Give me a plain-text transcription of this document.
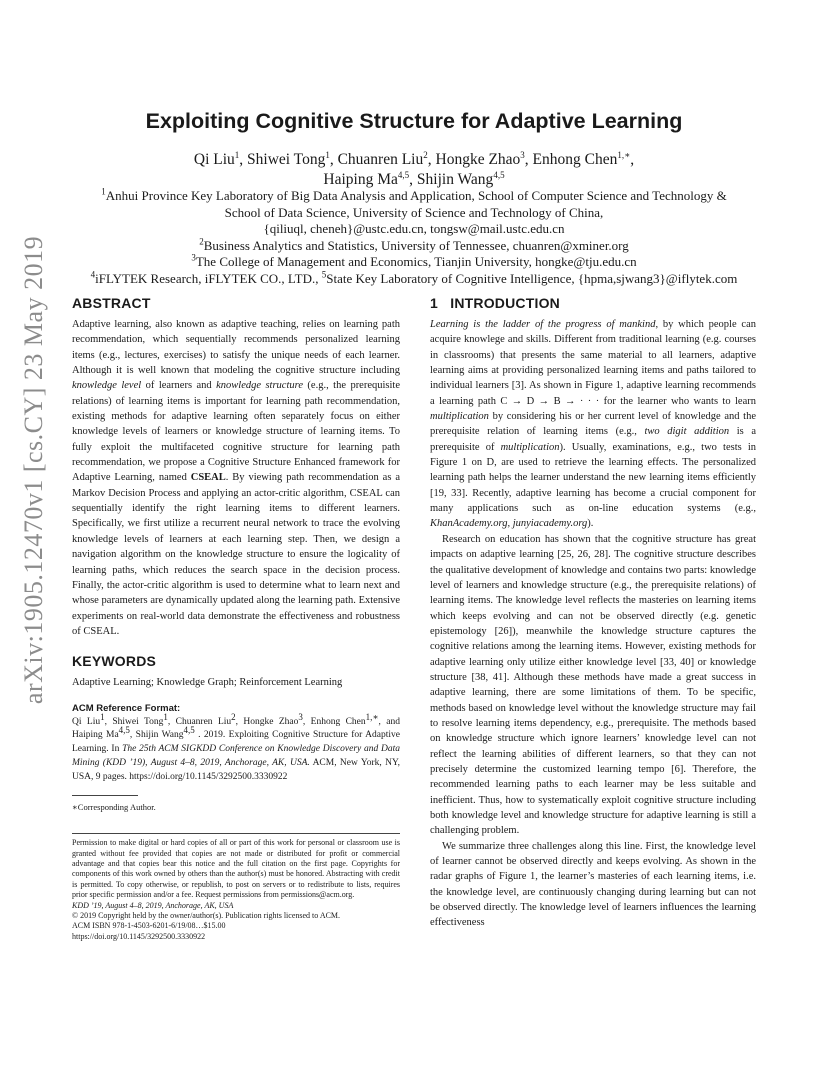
arXiv:1905.12470v1 [cs.CY] 23 May 2019
Exploiting Cognitive Structure for Adaptive Learning
Qi Liu$^1$, Shiwei Tong$^1$, Chuanren Liu$^2$, Hongke Zhao$^3$, Enhong Chen$^{1,∗}$,
Haiping Ma$^{4,5}$, Shijin Wang$^{4,5}$
$^1$Anhui Province Key Laboratory of Big Data Analysis and Application, School of Computer Science and Technology &
School of Data Science, University of Science and Technology of China,
{qiliuql, cheneh}@ustc.edu.cn, tongsw@mail.ustc.edu.cn
$^2$Business Analytics and Statistics, University of Tennessee, chuanren@xminer.org
$^3$The College of Management and Economics, Tianjin University, hongke@tju.edu.cn
$^4$iFLYTEK Research, iFLYTEK CO., LTD., $^5$State Key Laboratory of Cognitive Intelligence, {hpma,sjwang3}@iflytek.com
ABSTRACT

Adaptive learning, also known as adaptive teaching, relies on learning path recommendation, which sequentially recommends personalized learning items (e.g., lectures, exercises) to satisfy the unique needs of each learner. Although it is well known that modeling the cognitive structure including knowledge level of learners and knowledge structure (e.g., the prerequisite relations) of learning items is important for learning path recommendation, existing methods for adaptive learning often separately focus on either knowledge levels of learners or knowledge structure of learning items. To fully exploit the multifaceted cognitive structure for learning path recommendation, we propose a Cognitive Structure Enhanced framework for Adaptive Learning, named CSEAL. By viewing path recommendation as a Markov Decision Process and applying an actor-critic algorithm, CSEAL can sequentially identify the right learning items to different learners. Specifically, we first utilize a recurrent neural network to trace the evolving knowledge levels of learners at each learning step. Then, we design a navigation algorithm on the knowledge structure to ensure the logicality of learning paths, which reduces the search space in the decision process. Finally, the actor-critic algorithm is used to determine what to learn next and whose parameters are dynamically updated along the learning path. Extensive experiments on real-world data demonstrate the effectiveness and robustness of CSEAL.

KEYWORDS

Adaptive Learning; Knowledge Graph; Reinforcement Learning

ACM Reference Format:

Qi Liu$^1$, Shiwei Tong$^1$, Chuanren Liu$^2$, Hongke Zhao$^3$, Enhong Chen$^{1,∗}$, and Haiping Ma$^{4,5}$, Shijin Wang$^{4,5}$ . 2019. Exploiting Cognitive Structure for Adaptive Learning. In The 25th ACM SIGKDD Conference on Knowledge Discovery and Data Mining (KDD ’19), August 4–8, 2019, Anchorage, AK, USA. ACM, New York, NY, USA, 9 pages. https://doi.org/10.1145/3292500.3330922

∗Corresponding Author.

Permission to make digital or hard copies of all or part of this work for personal or classroom use is granted without fee provided that copies are not made or distributed for profit or commercial advantage and that copies bear this notice and the full citation on the first page. Copyrights for components of this work owned by others than the author(s) must be honored. Abstracting with credit is permitted. To copy otherwise, or republish, to post on servers or to redistribute to lists, requires prior specific permission and/or a fee. Request permissions from permissions@acm.org.
KDD ’19, August 4–8, 2019, Anchorage, AK, USA
© 2019 Copyright held by the owner/author(s). Publication rights licensed to ACM.
ACM ISBN 978-1-4503-6201-6/19/08…$15.00
https://doi.org/10.1145/3292500.3330922
1   INTRODUCTION

Learning is the ladder of the progress of mankind, by which people can acquire knowlege and skills. Different from traditional learning (e.g. courses in classrooms) that presents the same material to all learners, adaptive learning aims at providing personalized learning items and paths tailored to individual learners [3]. As shown in Figure 1, adaptive learning recommends a learning path C → D → B → · · · for the learner who wants to learn multiplication by considering his or her current level of knowledge and the prerequisite relation of learning items (e.g., two digit addition is a prerequisite of multiplication). Usually, examinations, e.g., two tests in Figure 1 on D, are used to retrieve the learning effects. The personalized learning path helps the learner understand the new learning items efficiently [19, 33]. Recently, adaptive learning has become a crucial component for many applications such as on-line education systems (e.g., KhanAcademy.org, junyiacademy.org).

Research on education has shown that the cognitive structure has great impacts on adaptive learning [25, 26, 28]. The cognitive structure describes the qualitative development of knowledge and contains two parts: knowledge level of learners and knowledge structure (e.g., the prerequisite relations) of learning items. The knowledge level reflects the masteries on learning items which keeps evolving and can not be observed directly (e.g. genetic epistemology [26]), meanwhile the knowledge structure captures the cognitive relations among the learning items. However, existing methods for adaptive learning only utilize either knowledge level [33, 40] or knowledge structure [38, 41]. Although these methods have made a great success in adaptive learning, there are some limitations of them. To be specific, methods based on knowledge level without the knowledge structure may fail to resolve learning items dependency, e.g., prerequisite. The methods based on knowledge structure which ignore learners’ knowledge level can not reflect the learning abilities of different learners, so that they can not precisely determine the customized learning tempo [6]. Therefore, the recommended learning paths to each learner may be less suitable and inefficient. Thus, how to systematically exploit cognitive structure including both knowledge level and knowledge structure for adaptive learning is still a challenging problem.

We summarize three challenges along this line. First, the knowledge level of learner cannot be observed directly and keeps evolving. As shown in the radar graphs of Figure 1, the learner’s masteries of each learning items, i.e. the knowledge level, are continuously changing during learning but can not be observed directly. The knowledge level of learners influences the learning effectiveness
